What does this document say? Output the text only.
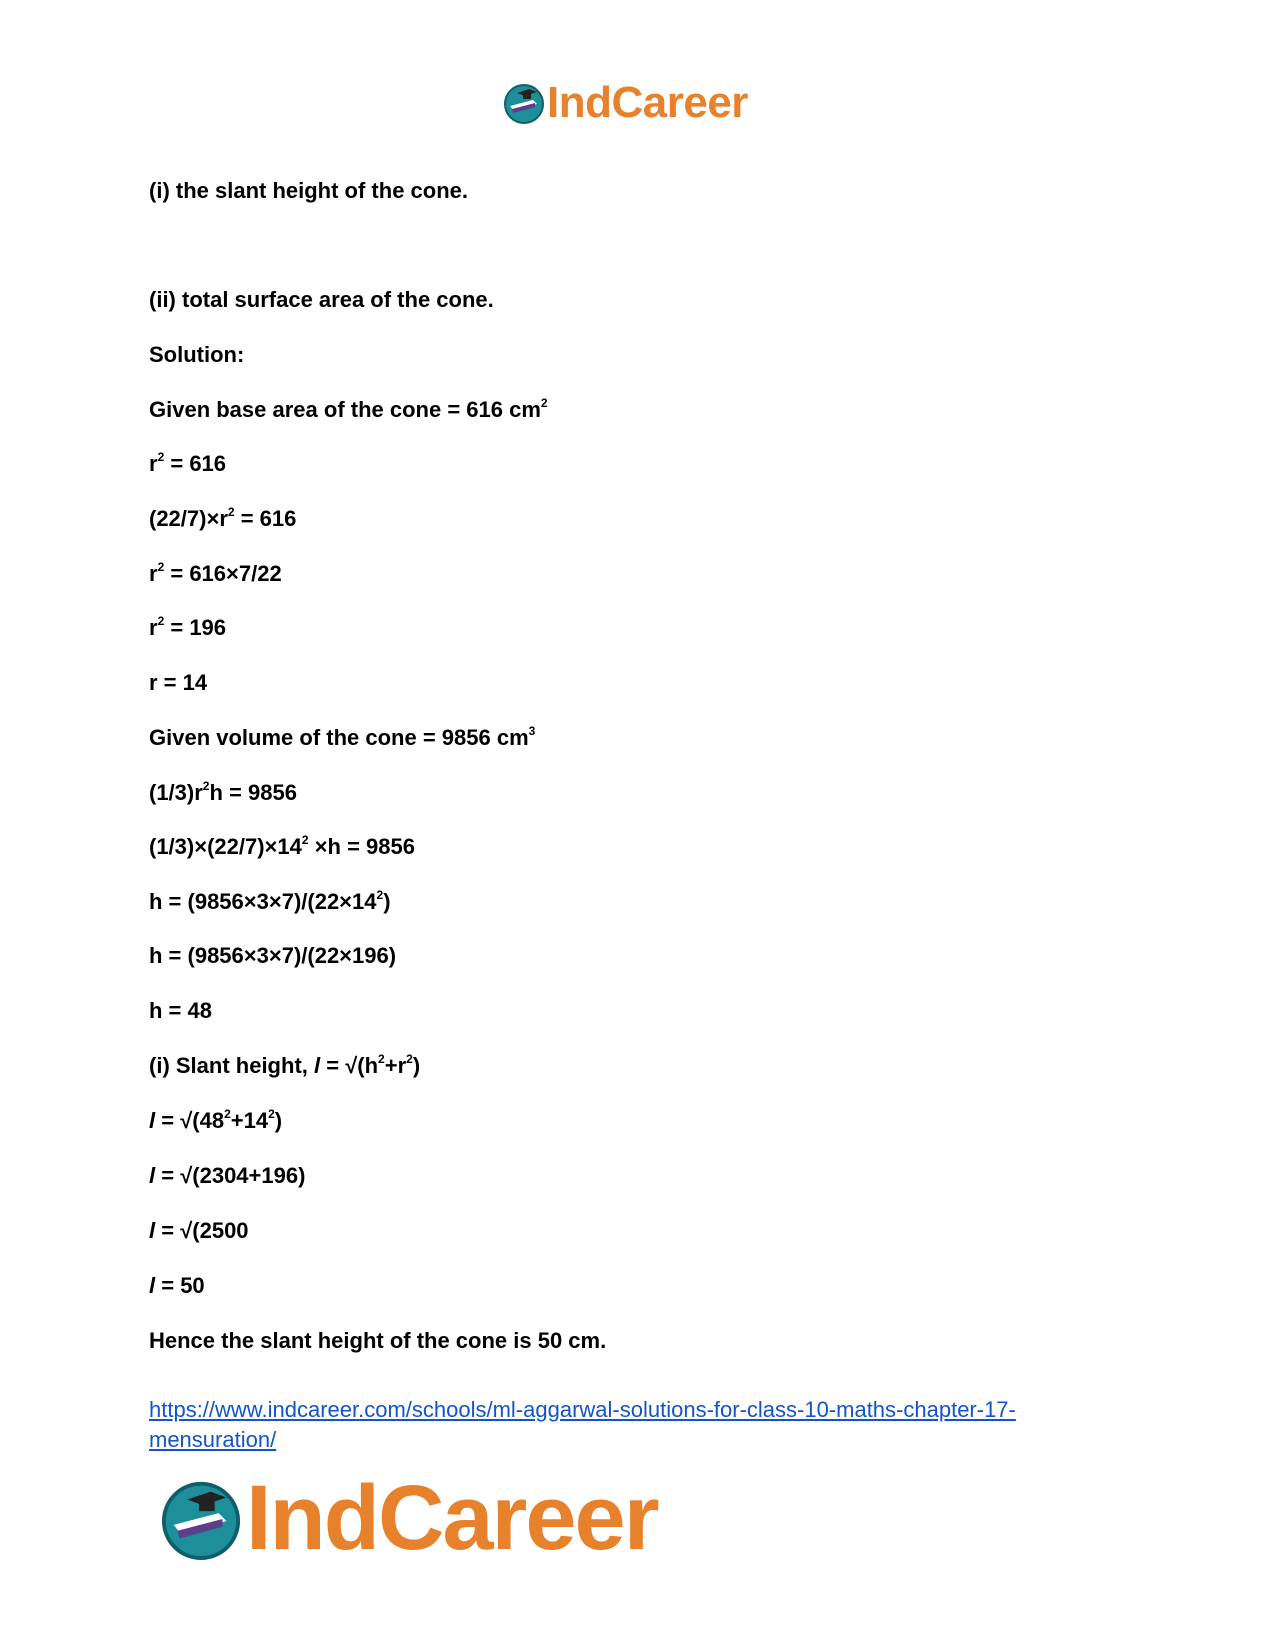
IndCareer
(i) the slant height of the cone.
(ii) total surface area of the cone.
Solution:
Given base area of the cone = 616 $cm^2$
$r^2 = 616$
$(22/7)\times r^2 = 616$
$r^2 = 616\times 7/22$
$r^2 = 196$
r = 14
Given volume of the cone = 9856 $cm^3$
$(1/3)r^2h = 9856$
$(1/3)\times(22/7)\times 14^2 \times h = 9856$
$h = (9856\times 3\times 7)/(22\times 14^2)$
h = (9856×3×7)/(22×196)
h = 48
(i) Slant height, $l = √(h^2+r^2)$
$l = √(48^2+14^2)$
l = √(2304+196)
l = √(2500
l = 50
Hence the slant height of the cone is 50 cm.
https://www.indcareer.com/schools/ml-aggarwal-solutions-for-class-10-maths-chapter-17-mensuration/
IndCareer
